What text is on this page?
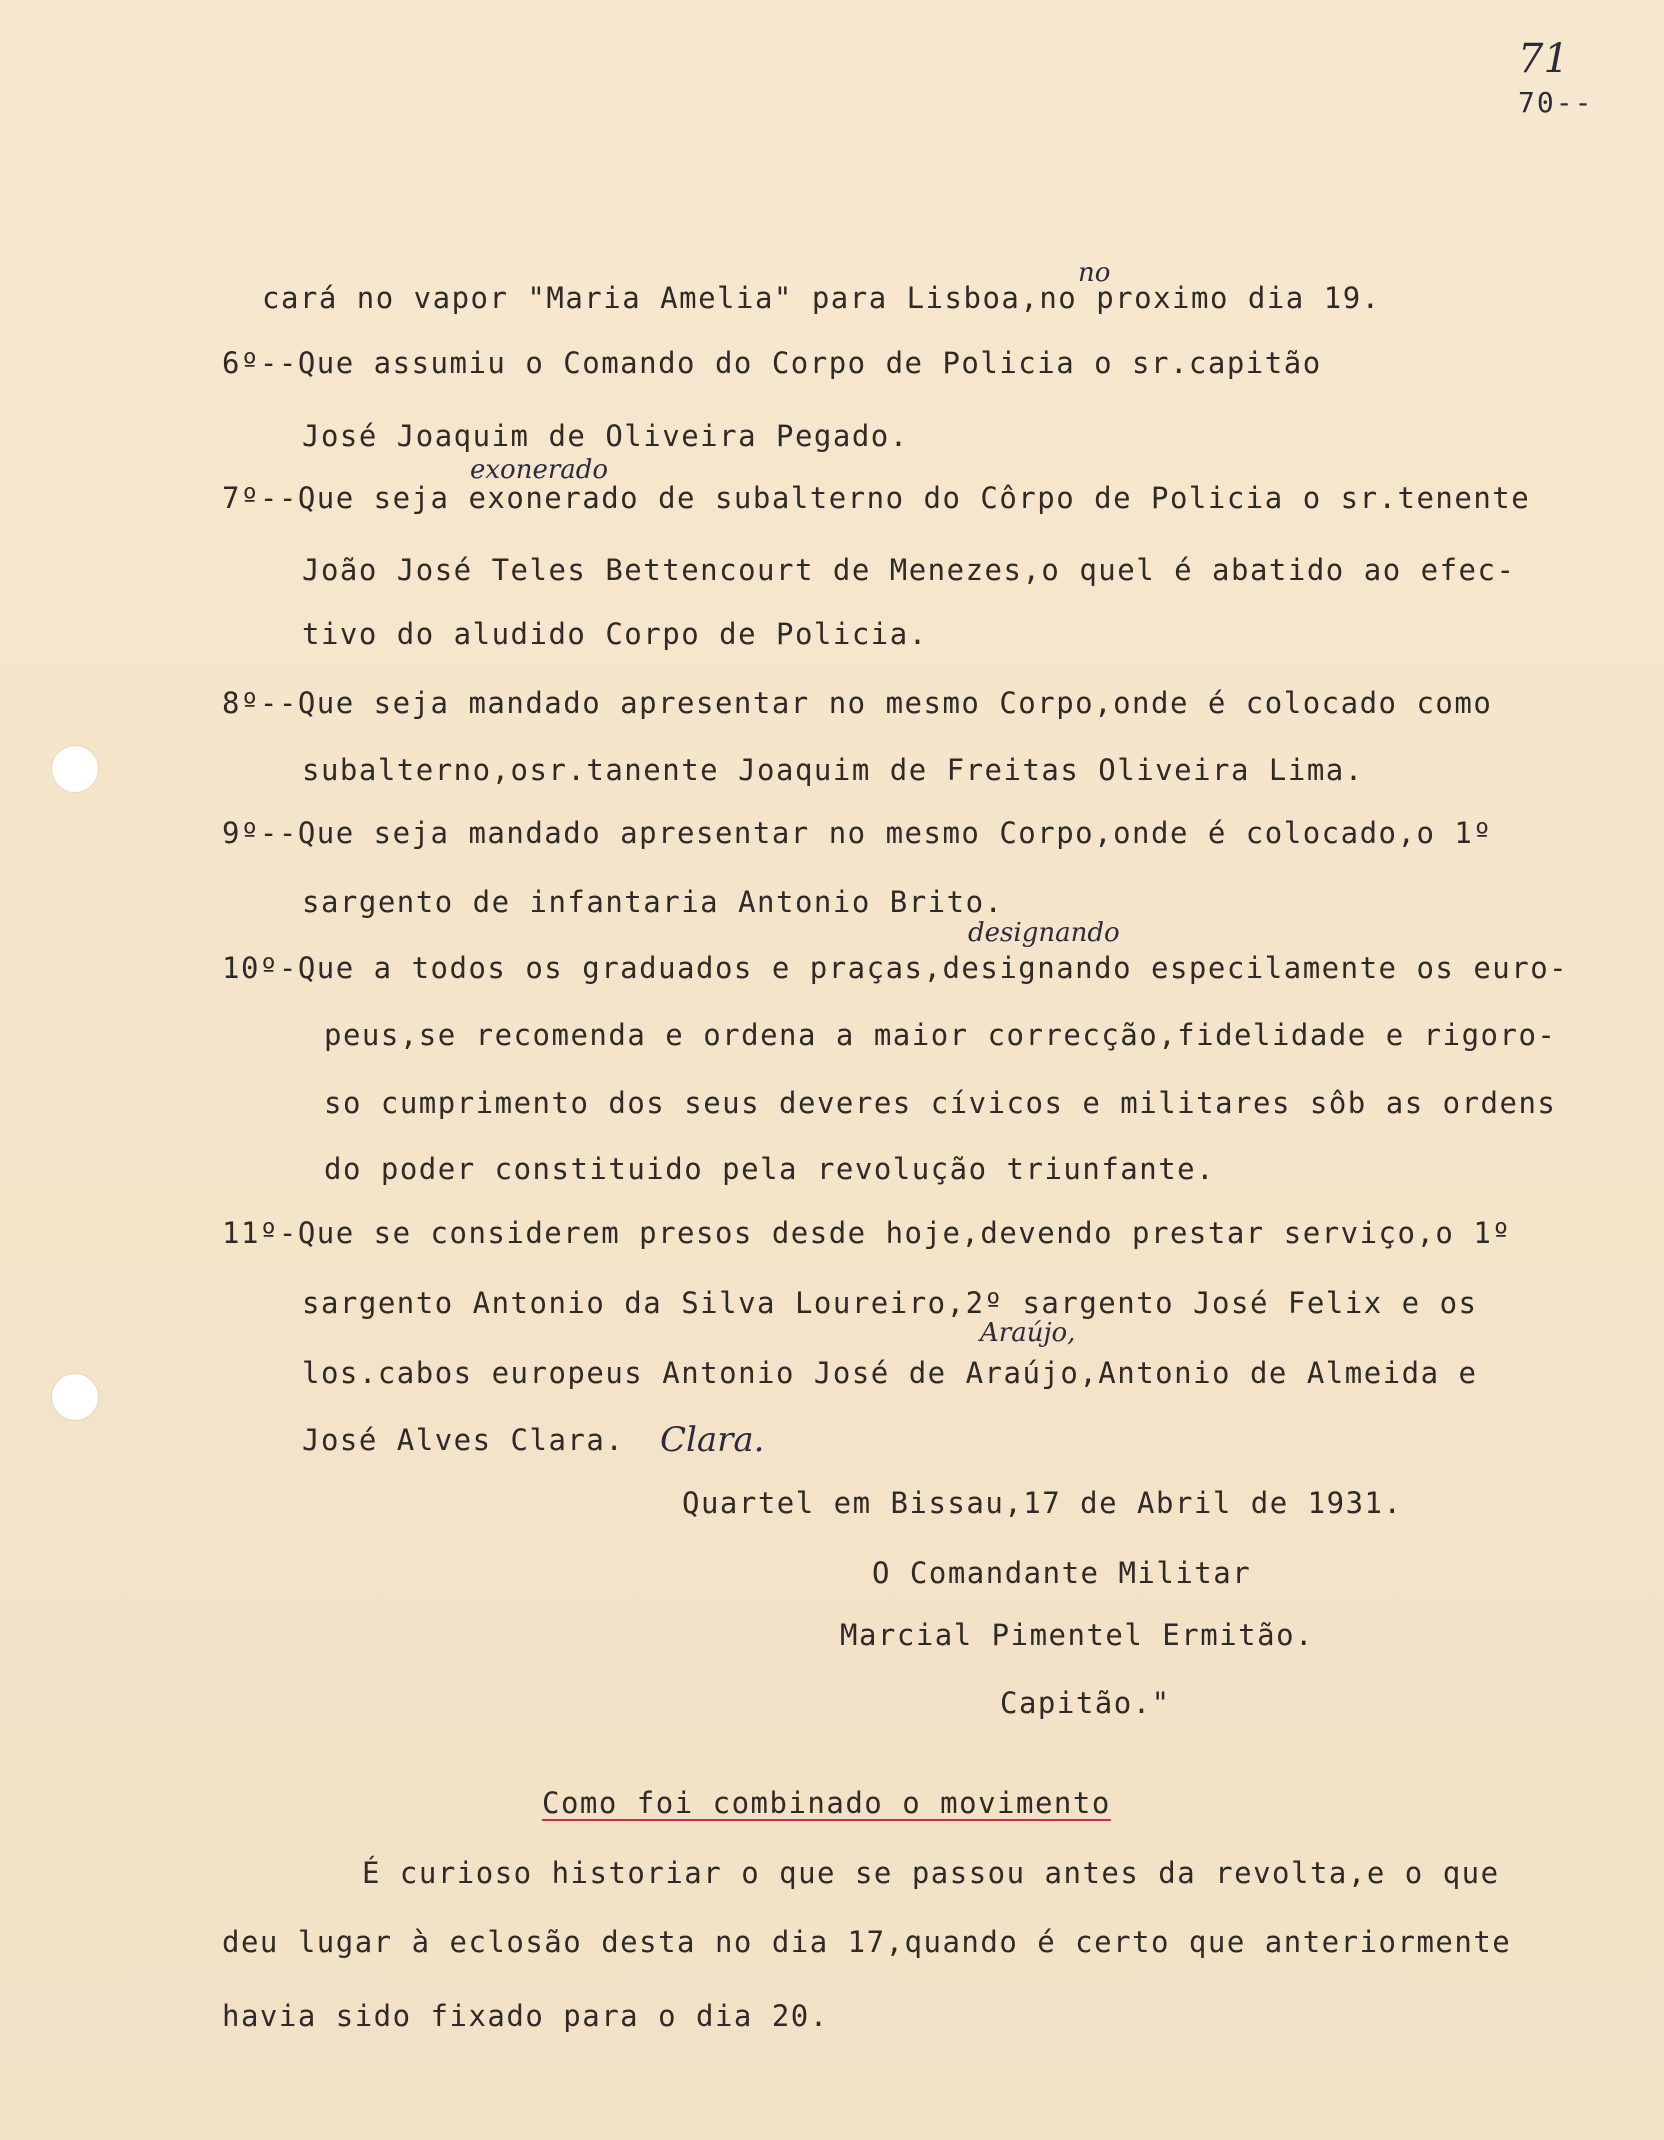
71
70--
no
exonerado
designando
Araújo,
Clara.
cará no vapor "Maria Amelia" para Lisboa,no proximo dia 19.
6º--Que assumiu o Comando do Corpo de Policia o sr.capitão
José Joaquim de Oliveira Pegado.
7º--Que seja exonerado de subalterno do Côrpo de Policia o sr.tenente
João José Teles Bettencourt de Menezes,o quel é abatido ao efec-
tivo do aludido Corpo de Policia.
8º--Que seja mandado apresentar no mesmo Corpo,onde é colocado como
subalterno,osr.tanente Joaquim de Freitas Oliveira Lima.
9º--Que seja mandado apresentar no mesmo Corpo,onde é colocado,o 1º
sargento de infantaria Antonio Brito.
10º-Que a todos os graduados e praças,designando especilamente os euro-
peus,se recomenda e ordena a maior correcção,fidelidade e rigoro-
so cumprimento dos seus deveres cívicos e militares sôb as ordens
do poder constituido pela revolução triunfante.
11º-Que se considerem presos desde hoje,devendo prestar serviço,o 1º
sargento Antonio da Silva Loureiro,2º sargento José Felix e os
los.cabos europeus Antonio José de Araújo,Antonio de Almeida e
José Alves Clara.
Quartel em Bissau,17 de Abril de 1931.
O Comandante Militar
Marcial Pimentel Ermitão.
Capitão."
Como foi combinado o movimento
É curioso historiar o que se passou antes da revolta,e o que
deu lugar à eclosão desta no dia 17,quando é certo que anteriormente
havia sido fixado para o dia 20.
